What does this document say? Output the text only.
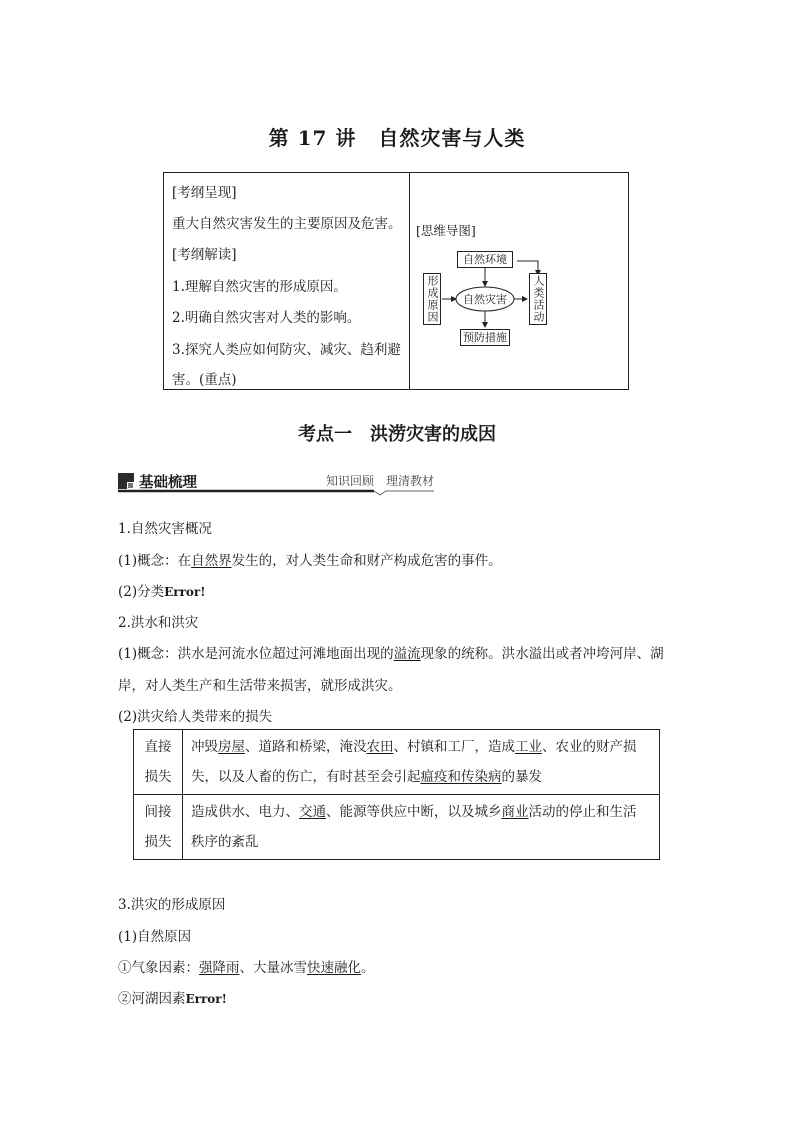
第 17 讲 自然灾害与人类
[考纲呈现]
重大自然灾害发生的主要原因及危害。
[考纲解读]
1.理解自然灾害的形成原因。
2.明确自然灾害对人类的影响。
3.探究人类应如何防灾、减灾、趋利避
害。(重点)
[思维导图]
自然环境
形成原因	自然灾害	人类活动
预防措施
考点一　洪涝灾害的成因
基础梳理	知识回顾　理清教材
1.自然灾害概况
(1)概念：在自然界发生的，对人类生命和财产构成危害的事件。
(2)分类Error!
2.洪水和洪灾
(1)概念：洪水是河流水位超过河滩地面出现的溢流现象的统称。洪水溢出或者冲垮河岸、湖
岸，对人类生产和生活带来损害，就形成洪灾。
(2)洪灾给人类带来的损失
直接
损失	冲毁房屋、道路和桥梁，淹没农田、村镇和工厂，造成工业、农业的财产损
失，以及人畜的伤亡，有时甚至会引起瘟疫和传染病的暴发
间接
损失	造成供水、电力、交通、能源等供应中断，以及城乡商业活动的停止和生活
秩序的紊乱
3.洪灾的形成原因
(1)自然原因
①气象因素：强降雨、大量冰雪快速融化。
②河湖因素Error!
